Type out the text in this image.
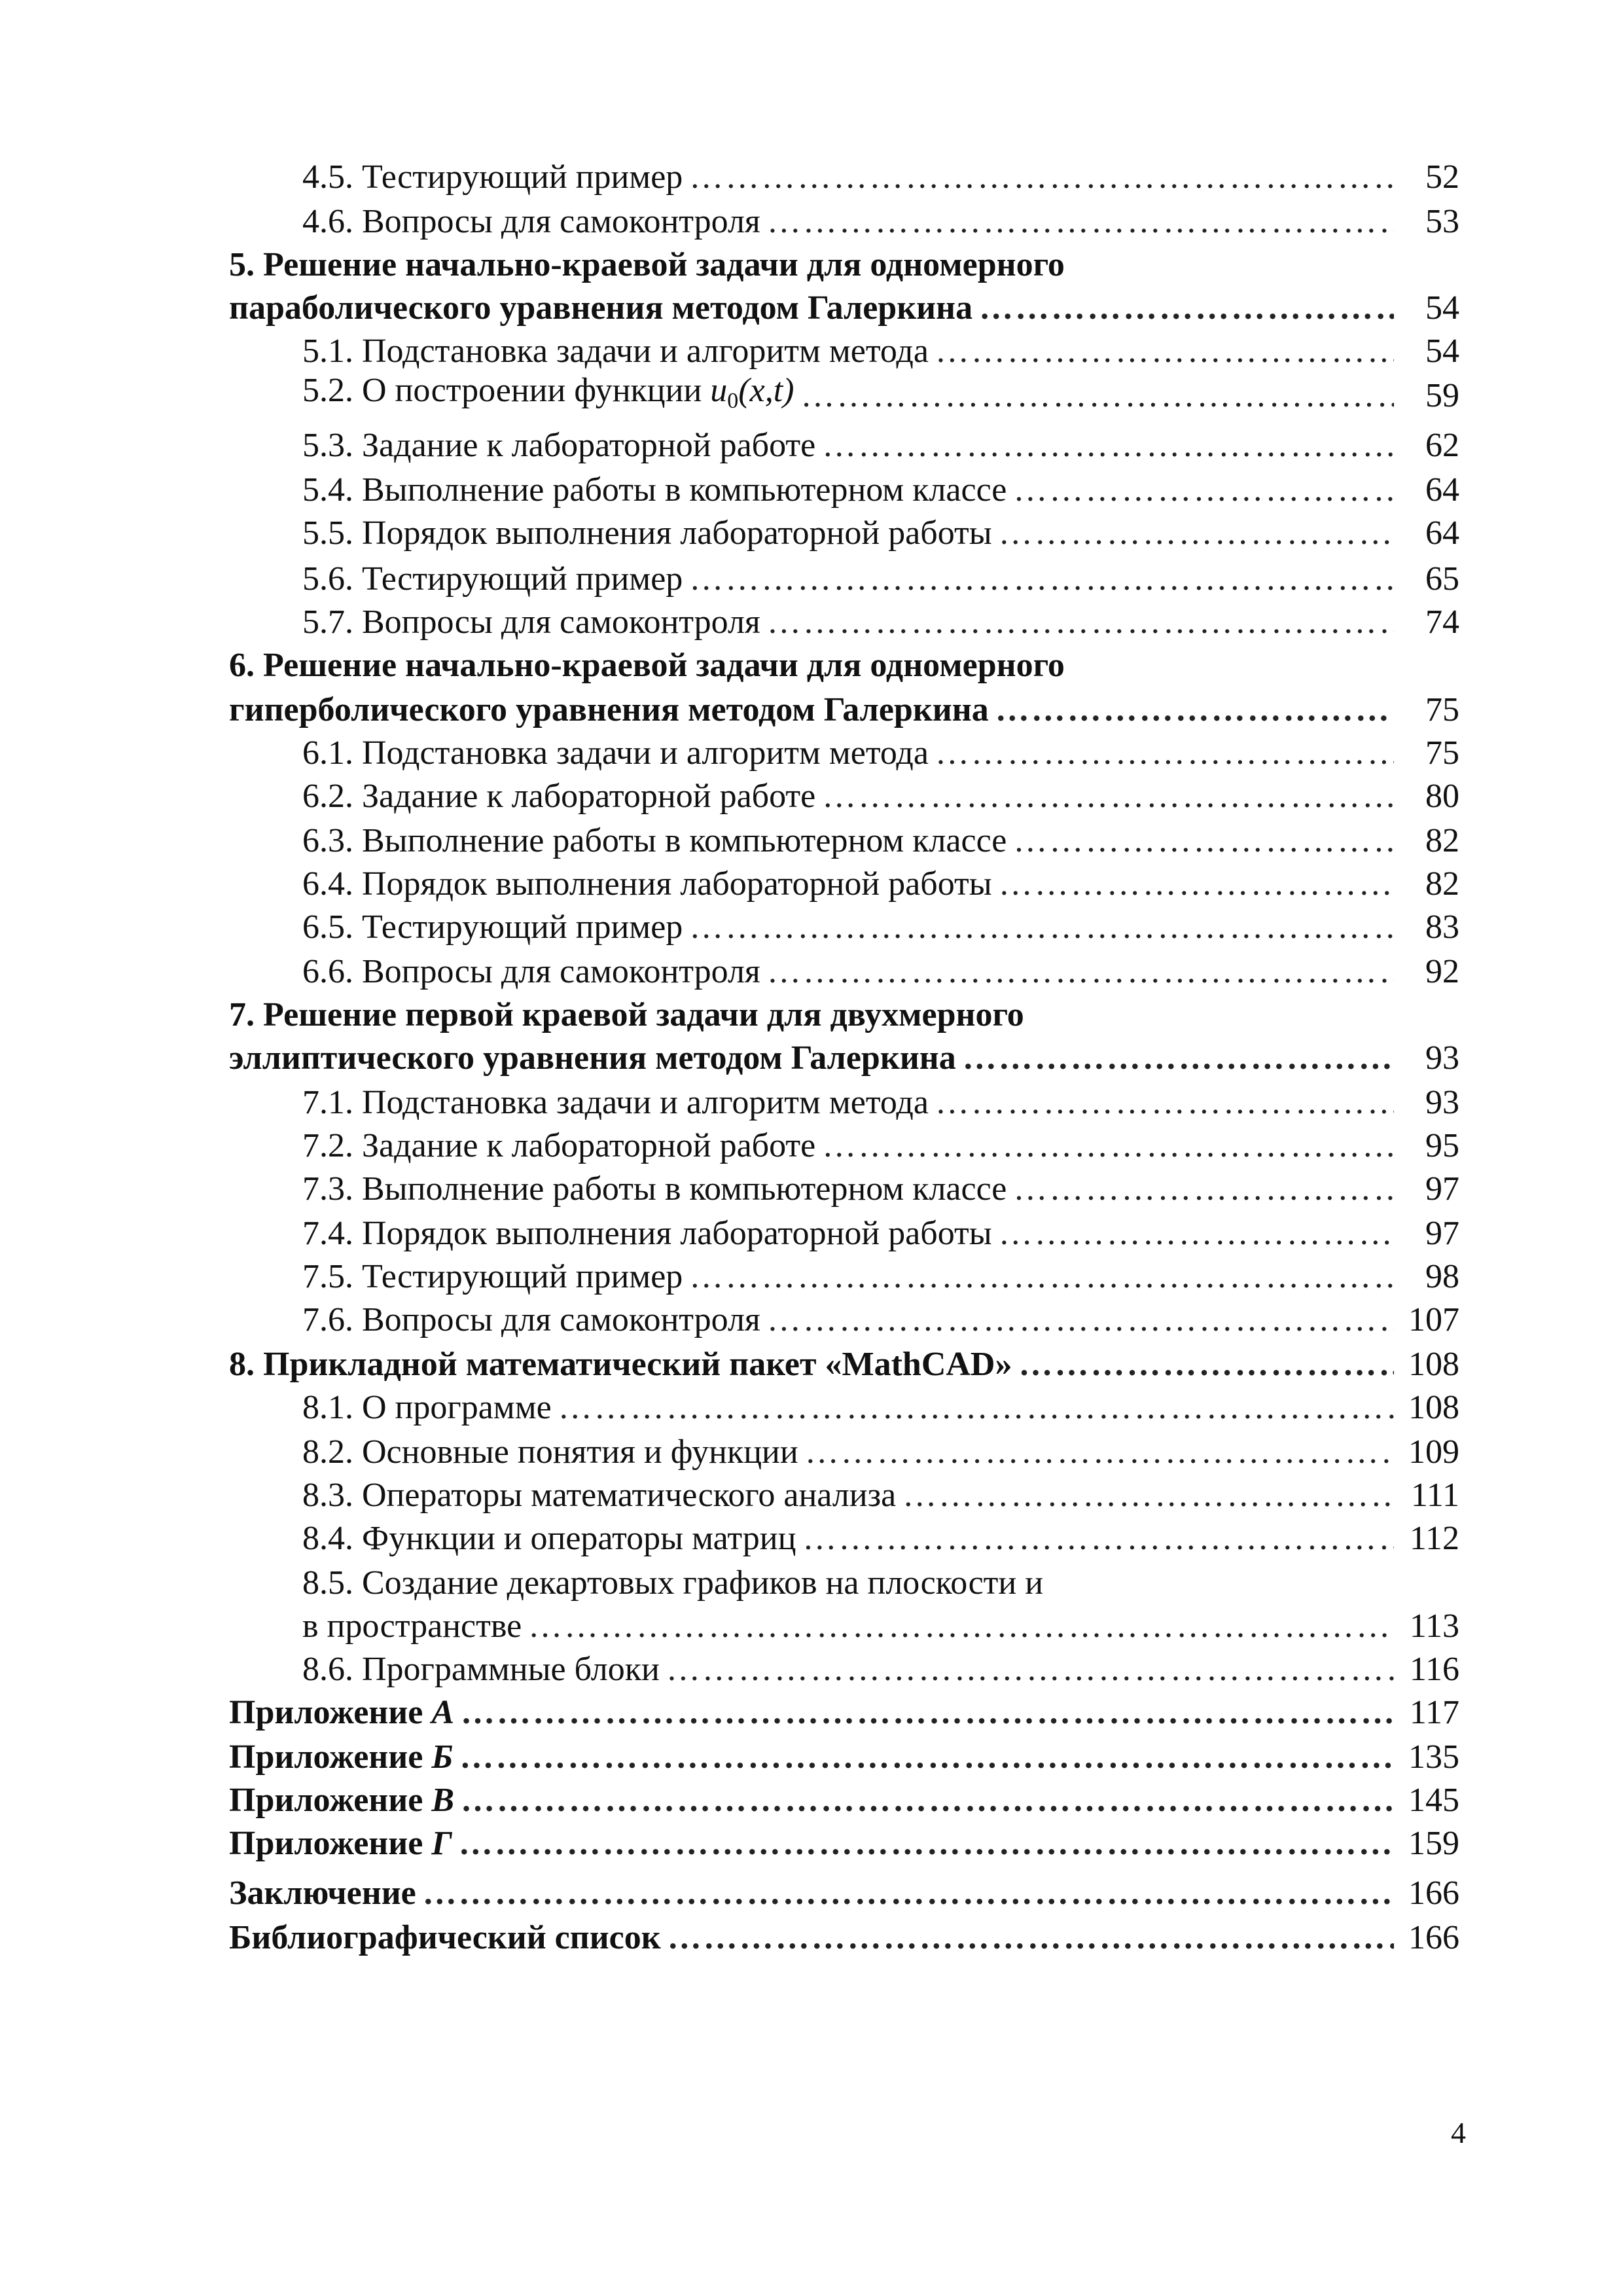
4.5. Тестирующий пример ………………………………………………………………………………………………………………………………………………………………………………	52
4.6. Вопросы для самоконтроля ………………………………………………………………………………………………………………………………………………………………………………	53
5. Решение начально-краевой задачи для одномерного
параболического уравнения методом Галеркина ………………………………………………………………………………………………………………………………………………………………………………	54
5.1. Подстановка задачи и алгоритм метода ………………………………………………………………………………………………………………………………………………………………………………	54
5.2. О построении функции $u_0(x,t)$ ………………………………………………………………………………………………………………………………………………………………………………	59
5.3. Задание к лабораторной работе ………………………………………………………………………………………………………………………………………………………………………………	62
5.4. Выполнение работы в компьютерном классе ………………………………………………………………………………………………………………………………………………………………………………	64
5.5. Порядок выполнения лабораторной работы ………………………………………………………………………………………………………………………………………………………………………………	64
5.6. Тестирующий пример ………………………………………………………………………………………………………………………………………………………………………………	65
5.7. Вопросы для самоконтроля ………………………………………………………………………………………………………………………………………………………………………………	74
6. Решение начально-краевой задачи для одномерного
гиперболического уравнения методом Галеркина ………………………………………………………………………………………………………………………………………………………………………………	75
6.1. Подстановка задачи и алгоритм метода ………………………………………………………………………………………………………………………………………………………………………………	75
6.2. Задание к лабораторной работе ………………………………………………………………………………………………………………………………………………………………………………	80
6.3. Выполнение работы в компьютерном классе ………………………………………………………………………………………………………………………………………………………………………………	82
6.4. Порядок выполнения лабораторной работы ………………………………………………………………………………………………………………………………………………………………………………	82
6.5. Тестирующий пример ………………………………………………………………………………………………………………………………………………………………………………	83
6.6. Вопросы для самоконтроля ………………………………………………………………………………………………………………………………………………………………………………	92
7. Решение первой краевой задачи для двухмерного
эллиптического уравнения методом Галеркина ………………………………………………………………………………………………………………………………………………………………………………	93
7.1. Подстановка задачи и алгоритм метода ………………………………………………………………………………………………………………………………………………………………………………	93
7.2. Задание к лабораторной работе ………………………………………………………………………………………………………………………………………………………………………………	95
7.3. Выполнение работы в компьютерном классе ………………………………………………………………………………………………………………………………………………………………………………	97
7.4. Порядок выполнения лабораторной работы ………………………………………………………………………………………………………………………………………………………………………………	97
7.5. Тестирующий пример ………………………………………………………………………………………………………………………………………………………………………………	98
7.6. Вопросы для самоконтроля ………………………………………………………………………………………………………………………………………………………………………………	107
8. Прикладной математический пакет «MathCAD» ………………………………………………………………………………………………………………………………………………………………………………	108
8.1. О программе ………………………………………………………………………………………………………………………………………………………………………………	108
8.2. Основные понятия и функции ………………………………………………………………………………………………………………………………………………………………………………	109
8.3. Операторы математического анализа ………………………………………………………………………………………………………………………………………………………………………………	111
8.4. Функции и операторы матриц ………………………………………………………………………………………………………………………………………………………………………………	112
8.5. Создание декартовых графиков на плоскости и
в пространстве ………………………………………………………………………………………………………………………………………………………………………………	113
8.6. Программные блоки ………………………………………………………………………………………………………………………………………………………………………………	116
Приложение А ………………………………………………………………………………………………………………………………………………………………………………	117
Приложение Б ………………………………………………………………………………………………………………………………………………………………………………	135
Приложение В ………………………………………………………………………………………………………………………………………………………………………………	145
Приложение Г ………………………………………………………………………………………………………………………………………………………………………………	159
Заключение ………………………………………………………………………………………………………………………………………………………………………………	166
Библиографический список ………………………………………………………………………………………………………………………………………………………………………………	166
4
